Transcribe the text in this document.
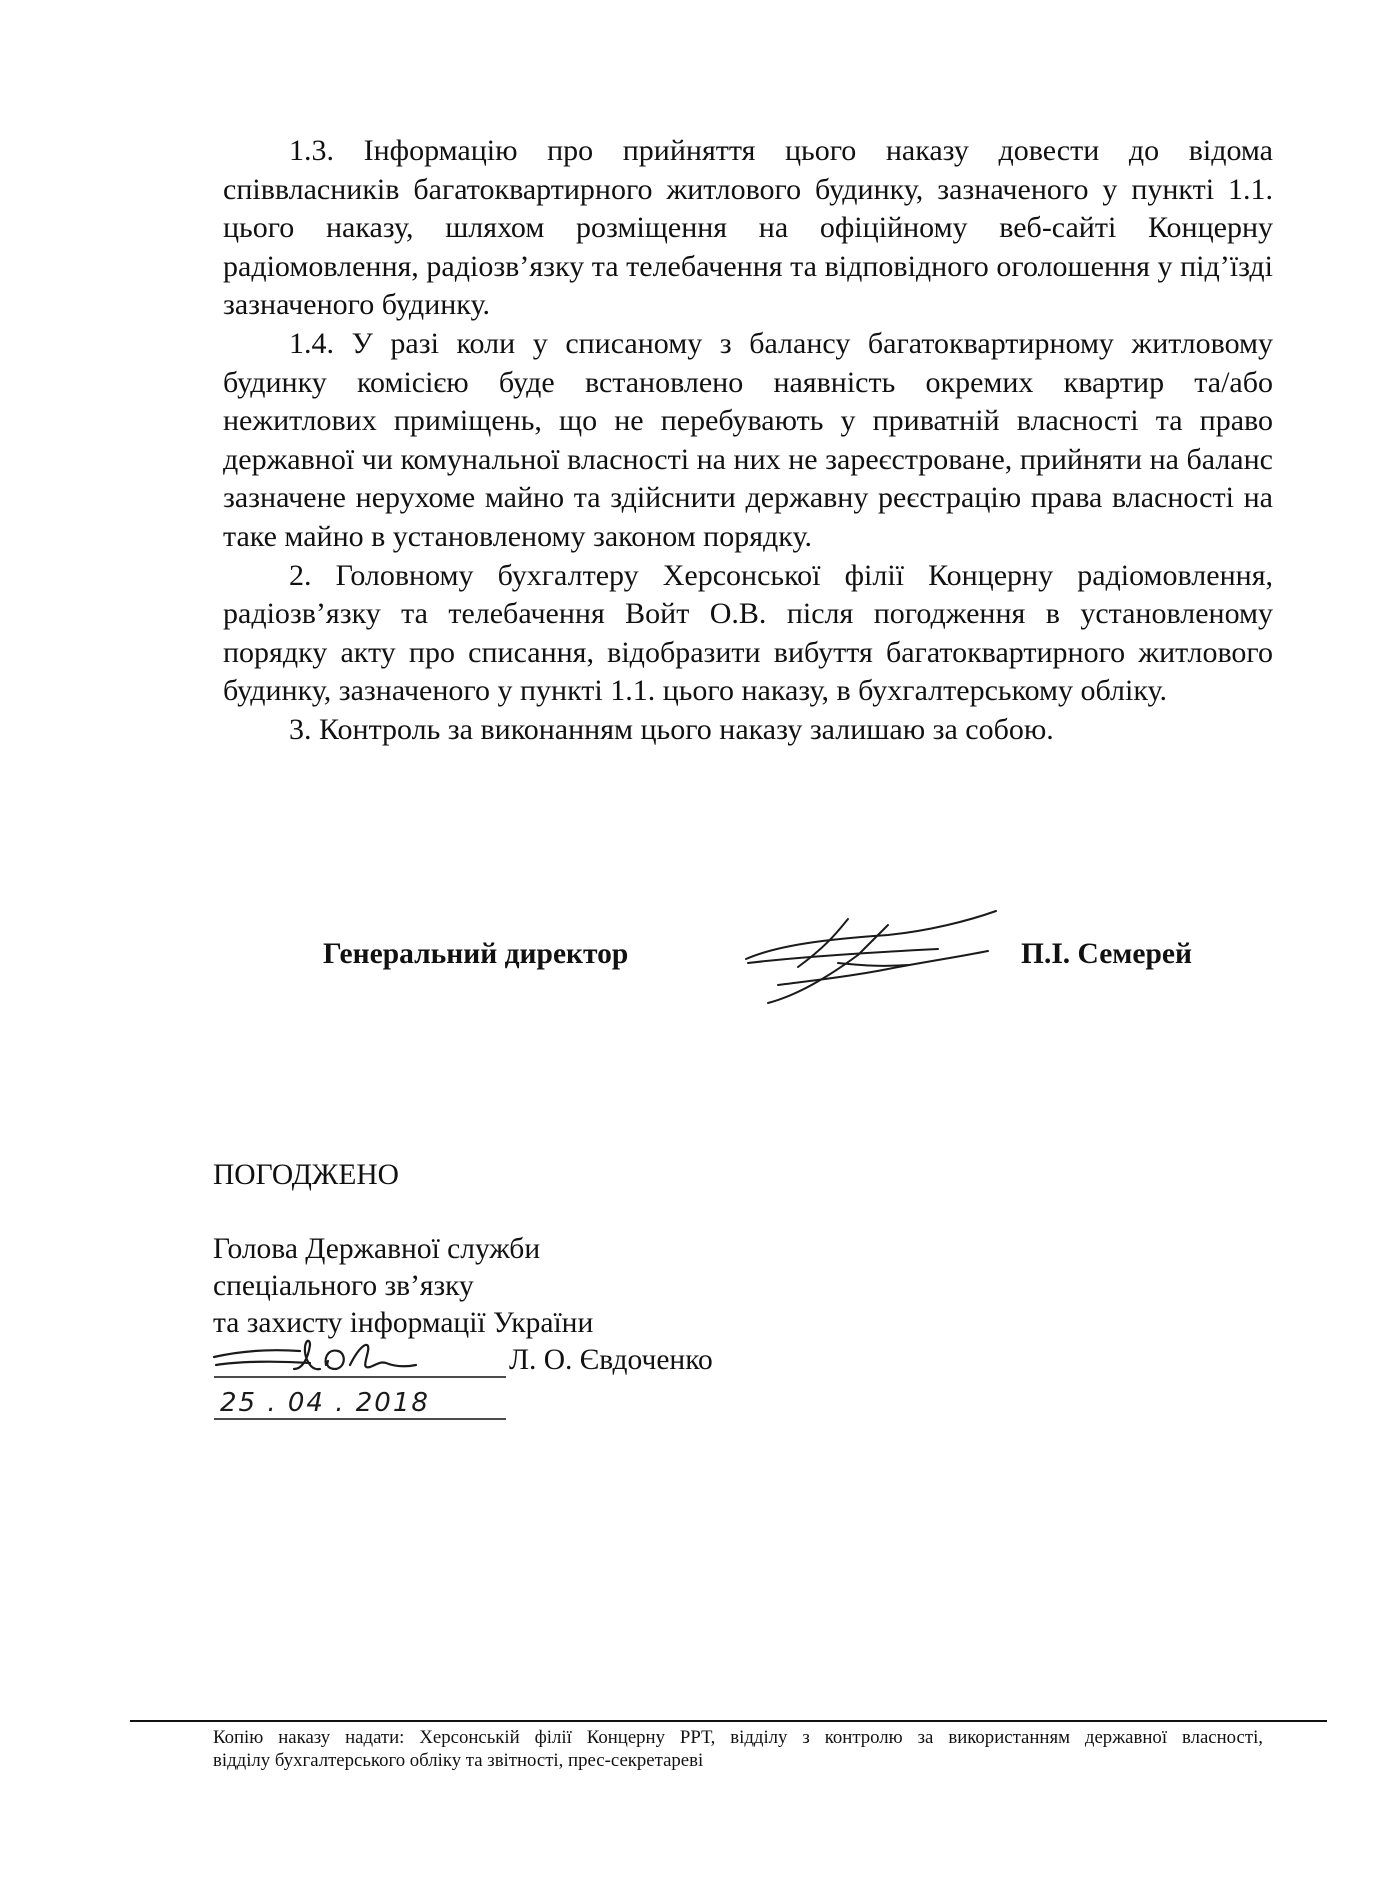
1.3. Інформацію про прийняття цього наказу довести до відома співвласників багатоквартирного житлового будинку, зазначеного у пункті 1.1. цього наказу, шляхом розміщення на офіційному веб-сайті Концерну радіомовлення, радіозв’язку та телебачення та відповідного оголошення у під’їзді зазначеного будинку.

1.4. У разі коли у списаному з балансу багатоквартирному житловому будинку комісією буде встановлено наявність окремих квартир та/або нежитлових приміщень, що не перебувають у приватній власності та право державної чи комунальної власності на них не зареєстроване, прийняти на баланс зазначене нерухоме майно та здійснити державну реєстрацію права власності на таке майно в установленому законом порядку.

2. Головному бухгалтеру Херсонської філії Концерну радіомовлення, радіозв’язку та телебачення Войт О.В. після погодження в установленому порядку акту про списання, відобразити вибуття багатоквартирного житлового будинку, зазначеного у пункті 1.1. цього наказу, в бухгалтерському обліку.

3. Контроль за виконанням цього наказу залишаю за собою.

Генеральний директор	П.І. Семерей
ПОГОДЖЕНО
Голова Державної служби
спеціального зв’язку
та захисту інформації України
Л. О. Євдоченко
25 . 04 . 2018
Копію наказу надати: Херсонській філії Концерну РРТ, відділу з контролю за використанням державної власності,
відділу бухгалтерського обліку та звітності, прес-секретареві
